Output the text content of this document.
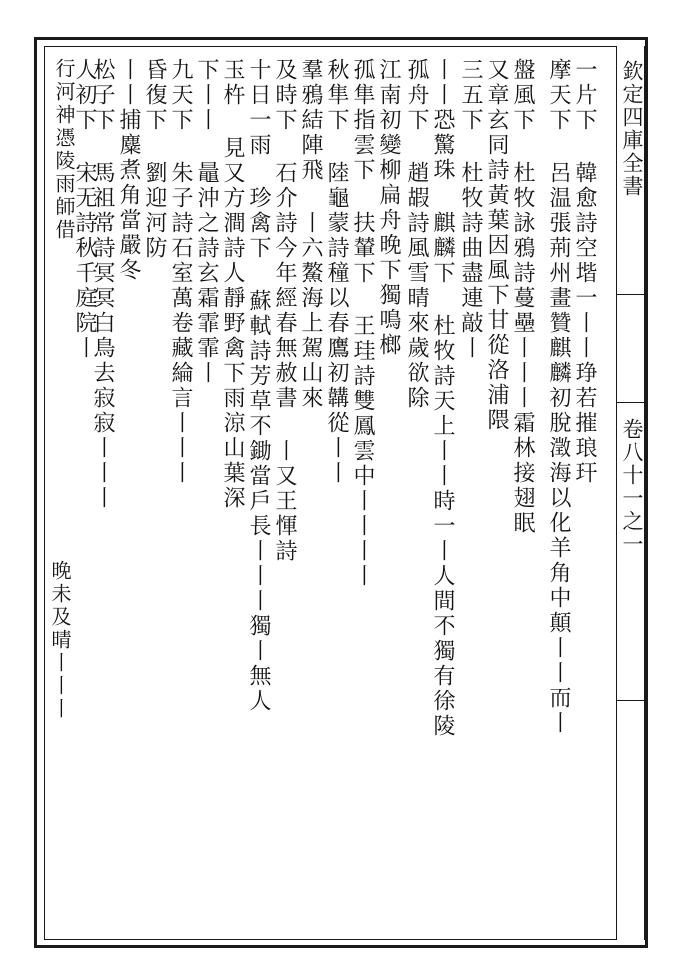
欽定四庫全書
卷八十一之一
一片下 韓愈詩空堦一丨丨琤若摧琅玕
摩天下 呂温張荊州畫贊麒麟初脫澂海以化羊角中顛丨丨而丨
盤風下 杜牧詠鴉詩蔓壘丨丨丨霜林接翅眠
又章玄同詩黃葉因風下甘從洛浦隈
三五下 杜牧詩曲盡連敲丨
丨丨恐驚珠 麒麟下 杜牧詩天上丨丨時一丨人間不獨有徐陵
孤舟下 趙嘏詩風雪晴來歲欲除
江南初變柳扁舟晚下獨鳴榔
孤隼指雲下 扶輦下 王珪詩雙鳳雲中丨丨丨丨
秋隼下 陸龜蒙詩穜以春鷹初韝從丨丨
羣鴉結陣飛 丨六鰲海上駕山來
及時下 石介詩今年經春無赦書 丨又王惲詩
十日一雨 珍禽下 蘇軾詩芳草不鋤當戶長丨丨丨獨丨無人
玉杵 見又方澗詩人靜野禽下雨涼山葉深
下丨丨 鼂沖之詩玄霜霏霏丨
九天下 朱子詩石室萬卷藏綸言丨丨丨
昏復下 劉迎河防
丨丨捕麋煮角當嚴冬
松子下 馬祖常詩冥冥白鳥去寂寂丨丨丨
人初下 宋无詩秋千庭院丨
行河神憑陵雨師借
晚未及晴丨丨丨
